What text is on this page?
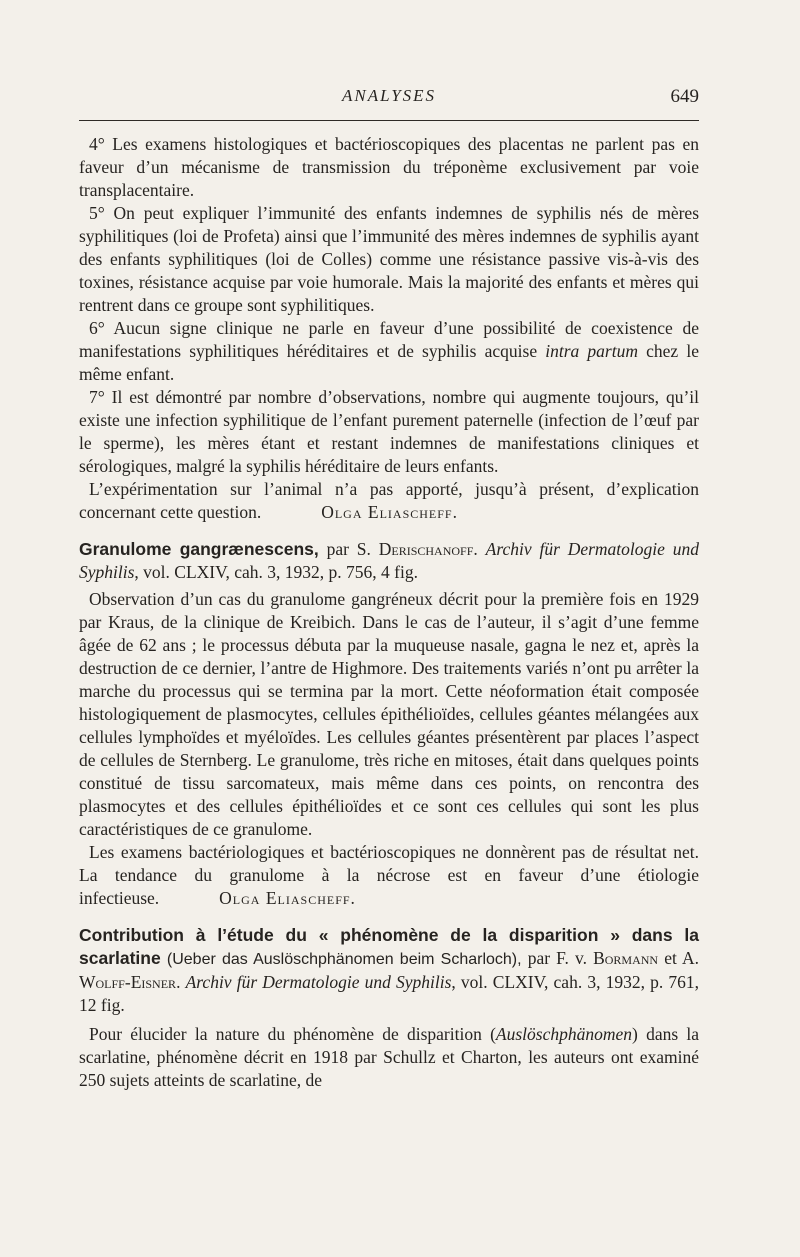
ANALYSES	649

4° Les examens histologiques et bactérioscopiques des placentas ne parlent pas en faveur d’un mécanisme de transmission du tréponème exclusivement par voie transplacentaire.

5° On peut expliquer l’immunité des enfants indemnes de syphilis nés de mères syphilitiques (loi de Profeta) ainsi que l’immunité des mères indemnes de syphilis ayant des enfants syphilitiques (loi de Colles) comme une résistance passive vis-à-vis des toxines, résistance acquise par voie humorale. Mais la majorité des enfants et mères qui rentrent dans ce groupe sont syphilitiques.

6° Aucun signe clinique ne parle en faveur d’une possibilité de coexistence de manifestations syphilitiques héréditaires et de syphilis acquise intra partum chez le même enfant.

7° Il est démontré par nombre d’observations, nombre qui augmente toujours, qu’il existe une infection syphilitique de l’enfant purement paternelle (infection de l’œuf par le sperme), les mères étant et restant indemnes de manifestations cliniques et sérologiques, malgré la syphilis héréditaire de leurs enfants.

L’expérimentation sur l’animal n’a pas apporté, jusqu’à présent, d’explication concernant cette question.	Olga Eliascheff.

Granulome gangrænescens, par S. Derischanoff. Archiv für Dermatologie und Syphilis, vol. CLXIV, cah. 3, 1932, p. 756, 4 fig.

Observation d’un cas du granulome gangréneux décrit pour la première fois en 1929 par Kraus, de la clinique de Kreibich. Dans le cas de l’auteur, il s’agit d’une femme âgée de 62 ans ; le processus débuta par la muqueuse nasale, gagna le nez et, après la destruction de ce dernier, l’antre de Highmore. Des traitements variés n’ont pu arrêter la marche du processus qui se termina par la mort. Cette néoformation était composée histologiquement de plasmocytes, cellules épithélioïdes, cellules géantes mélangées aux cellules lymphoïdes et myéloïdes. Les cellules géantes présentèrent par places l’aspect de cellules de Sternberg. Le granulome, très riche en mitoses, était dans quelques points constitué de tissu sarcomateux, mais même dans ces points, on rencontra des plasmocytes et des cellules épithélioïdes et ce sont ces cellules qui sont les plus caractéristiques de ce granulome.

Les examens bactériologiques et bactérioscopiques ne donnèrent pas de résultat net. La tendance du granulome à la nécrose est en faveur d’une étiologie infectieuse.	Olga Eliascheff.

Contribution à l’étude du « phénomène de la disparition » dans la scarlatine (Ueber das Auslöschphänomen beim Scharloch), par F. v. Bormann et A. Wolff-Eisner. Archiv für Dermatologie und Syphilis, vol. CLXIV, cah. 3, 1932, p. 761, 12 fig.

Pour élucider la nature du phénomène de disparition (Auslöschphänomen) dans la scarlatine, phénomène décrit en 1918 par Schullz et Charton, les auteurs ont examiné 250 sujets atteints de scarlatine, de
